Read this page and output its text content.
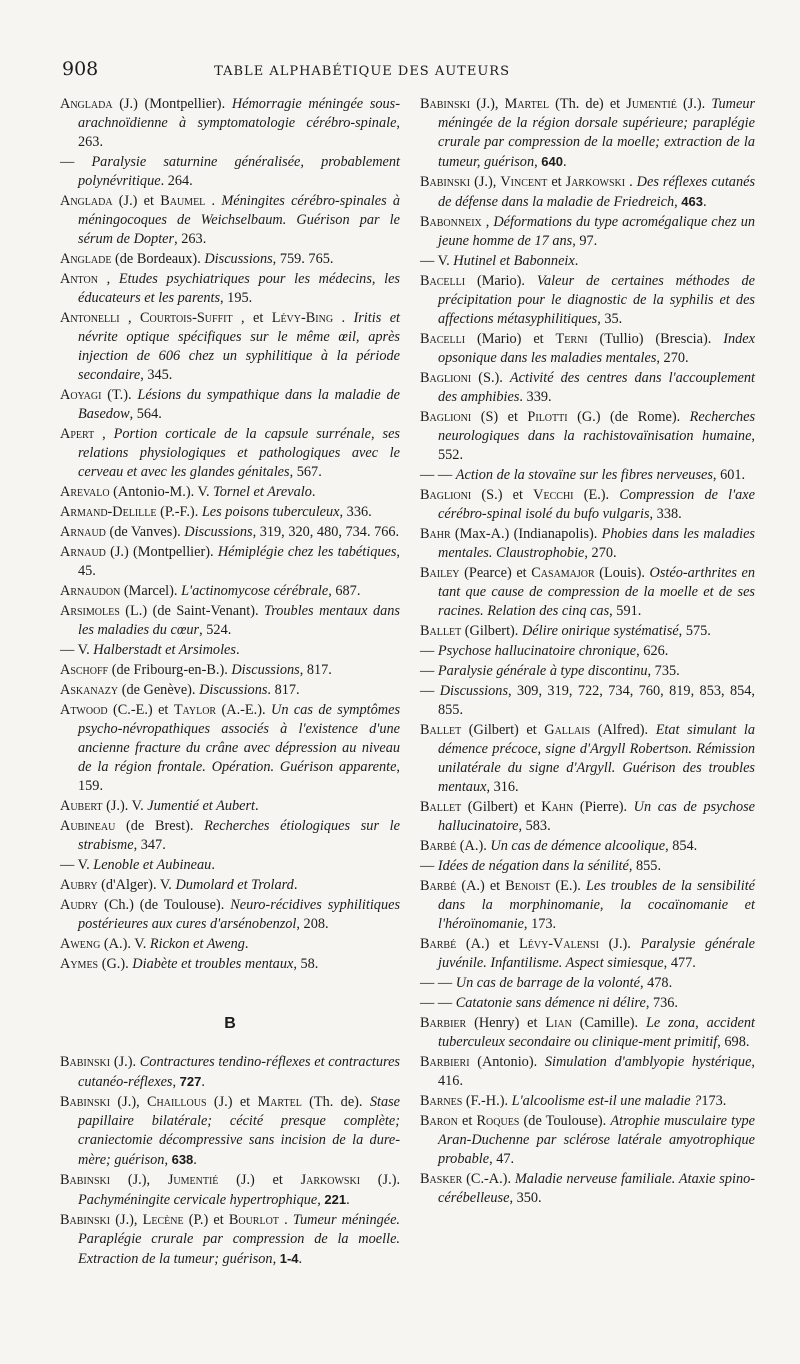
908	TABLE ALPHABÉTIQUE DES AUTEURS

Anglada (J.) (Montpellier). Hémorragie méningée sous-arachnoïdienne à symptomatologie cérébro-spinale, 263.

— Paralysie saturnine généralisée, probablement polynévritique. 264.

Anglada (J.) et Baumel . Méningites cérébro-spinales à méningocoques de Weichselbaum. Guérison par le sérum de Dopter, 263.

Anglade (de Bordeaux). Discussions, 759. 765.

Anton , Etudes psychiatriques pour les médecins, les éducateurs et les parents, 195.

Antonelli , Courtois-Suffit , et Lévy-Bing . Iritis et névrite optique spécifiques sur le même œil, après injection de 606 chez un syphilitique à la période secondaire, 345.

Aoyagi (T.). Lésions du sympathique dans la maladie de Basedow, 564.

Apert , Portion corticale de la capsule surrénale, ses relations physiologiques et pathologiques avec le cerveau et avec les glandes génitales, 567.

Arevalo (Antonio-M.). V. Tornel et Arevalo.

Armand-Delille (P.-F.). Les poisons tuberculeux, 336.

Arnaud (de Vanves). Discussions, 319, 320, 480, 734. 766.

Arnaud (J.) (Montpellier). Hémiplégie chez les tabétiques, 45.

Arnaudon (Marcel). L'actinomycose cérébrale, 687.

Arsimoles (L.) (de Saint-Venant). Troubles mentaux dans les maladies du cœur, 524.

— V. Halberstadt et Arsimoles.

Aschoff (de Fribourg-en-B.). Discussions, 817.

Askanazy (de Genève). Discussions. 817.

Atwood (C.-E.) et Taylor (A.-E.). Un cas de symptômes psycho-névropathiques associés à l'existence d'une ancienne fracture du crâne avec dépression au niveau de la région frontale. Opération. Guérison apparente, 159.

Aubert (J.). V. Jumentié et Aubert.

Aubineau (de Brest). Recherches étiologiques sur le strabisme, 347.

— V. Lenoble et Aubineau.

Aubry (d'Alger). V. Dumolard et Trolard.

Audry (Ch.) (de Toulouse). Neuro-récidives syphilitiques postérieures aux cures d'arsénobenzol, 208.

Aweng (A.). V. Rickon et Aweng.

Aymes (G.). Diabète et troubles mentaux, 58.

B

Babinski (J.). Contractures tendino-réflexes et contractures cutanéo-réflexes, 727.

Babinski (J.), Chaillous (J.) et Martel (Th. de). Stase papillaire bilatérale; cécité presque complète; craniectomie décompressive sans incision de la dure-mère; guérison, 638.

Babinski (J.), Jumentié (J.) et Jarkowski (J.). Pachyméningite cervicale hypertrophique, 221.

Babinski (J.), Lecène (P.) et Bourlot . Tumeur méningée. Paraplégie crurale par compression de la moelle. Extraction de la tumeur; guérison, 1-4.

Babinski (J.), Martel (Th. de) et Jumentié (J.). Tumeur méningée de la région dorsale supérieure; paraplégie crurale par compression de la moelle; extraction de la tumeur, guérison, 640.

Babinski (J.), Vincent et Jarkowski . Des réflexes cutanés de défense dans la maladie de Friedreich, 463.

Babonneix , Déformations du type acromégalique chez un jeune homme de 17 ans, 97.

— V. Hutinel et Babonneix.

Bacelli (Mario). Valeur de certaines méthodes de précipitation pour le diagnostic de la syphilis et des affections métasyphilitiques, 35.

Bacelli (Mario) et Terni (Tullio) (Brescia). Index opsonique dans les maladies mentales, 270.

Baglioni (S.). Activité des centres dans l'accouplement des amphibies. 339.

Baglioni (S) et Pilotti (G.) (de Rome). Recherches neurologiques dans la rachistovaïnisation humaine, 552.

— — Action de la stovaïne sur les fibres nerveuses, 601.

Baglioni (S.) et Vecchi (E.). Compression de l'axe cérébro-spinal isolé du bufo vulgaris, 338.

Bahr (Max-A.) (Indianapolis). Phobies dans les maladies mentales. Claustrophobie, 270.

Bailey (Pearce) et Casamajor (Louis). Ostéo-arthrites en tant que cause de compression de la moelle et de ses racines. Relation des cinq cas, 591.

Ballet (Gilbert). Délire onirique systématisé, 575.

— Psychose hallucinatoire chronique, 626.

— Paralysie générale à type discontinu, 735.

— Discussions, 309, 319, 722, 734, 760, 819, 853, 854, 855.

Ballet (Gilbert) et Gallais (Alfred). Etat simulant la démence précoce, signe d'Argyll Robertson. Rémission unilatérale du signe d'Argyll. Guérison des troubles mentaux, 316.

Ballet (Gilbert) et Kahn (Pierre). Un cas de psychose hallucinatoire, 583.

Barbé (A.). Un cas de démence alcoolique, 854.

— Idées de négation dans la sénilité, 855.

Barbé (A.) et Benoist (E.). Les troubles de la sensibilité dans la morphinomanie, la cocaïnomanie et l'héroïnomanie, 173.

Barbé (A.) et Lévy-Valensi (J.). Paralysie générale juvénile. Infantilisme. Aspect simiesque, 477.

— — Un cas de barrage de la volonté, 478.

— — Catatonie sans démence ni délire, 736.

Barbier (Henry) et Lian (Camille). Le zona, accident tuberculeux secondaire ou clinique-ment primitif, 698.

Barbieri (Antonio). Simulation d'amblyopie hystérique, 416.

Barnes (F.-H.). L'alcoolisme est-il une maladie ?173.

Baron et Roques (de Toulouse). Atrophie musculaire type Aran-Duchenne par sclérose latérale amyotrophique probable, 47.

Basker (C.-A.). Maladie nerveuse familiale. Ataxie spino-cérébelleuse, 350.
